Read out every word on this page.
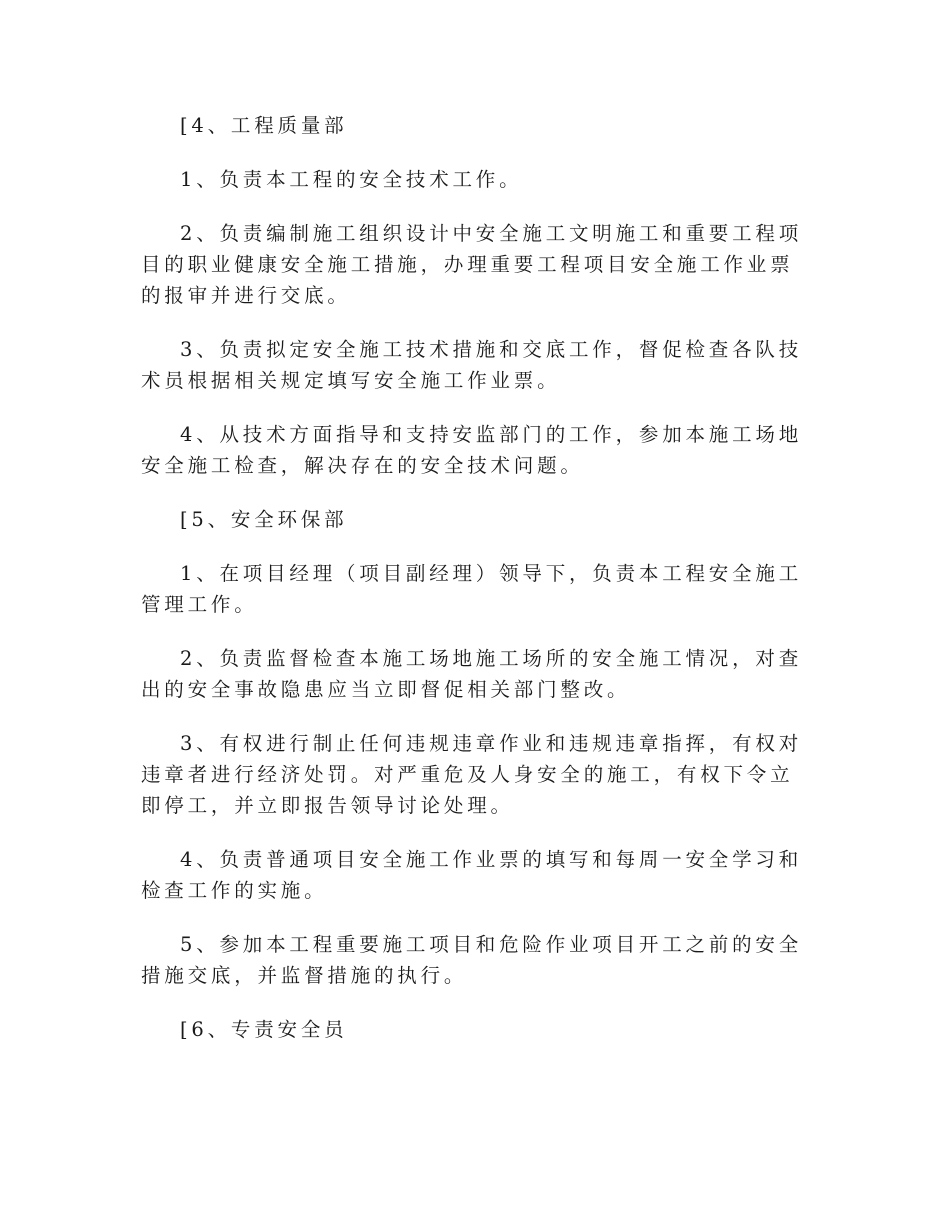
[4、工程质量部

1、负责本工程的安全技术工作。

2、负责编制施工组织设计中安全施工文明施工和重要工程项目的职业健康安全施工措施，办理重要工程项目安全施工作业票的报审并进行交底。

3、负责拟定安全施工技术措施和交底工作，督促检查各队技术员根据相关规定填写安全施工作业票。

4、从技术方面指导和支持安监部门的工作，参加本施工场地安全施工检查，解决存在的安全技术问题。

[5、安全环保部

1、在项目经理（项目副经理）领导下，负责本工程安全施工管理工作。

2、负责监督检查本施工场地施工场所的安全施工情况，对查出的安全事故隐患应当立即督促相关部门整改。

3、有权进行制止任何违规违章作业和违规违章指挥，有权对违章者进行经济处罚。对严重危及人身安全的施工，有权下令立即停工，并立即报告领导讨论处理。

4、负责普通项目安全施工作业票的填写和每周一安全学习和检查工作的实施。

5、参加本工程重要施工项目和危险作业项目开工之前的安全措施交底，并监督措施的执行。

[6、专责安全员
